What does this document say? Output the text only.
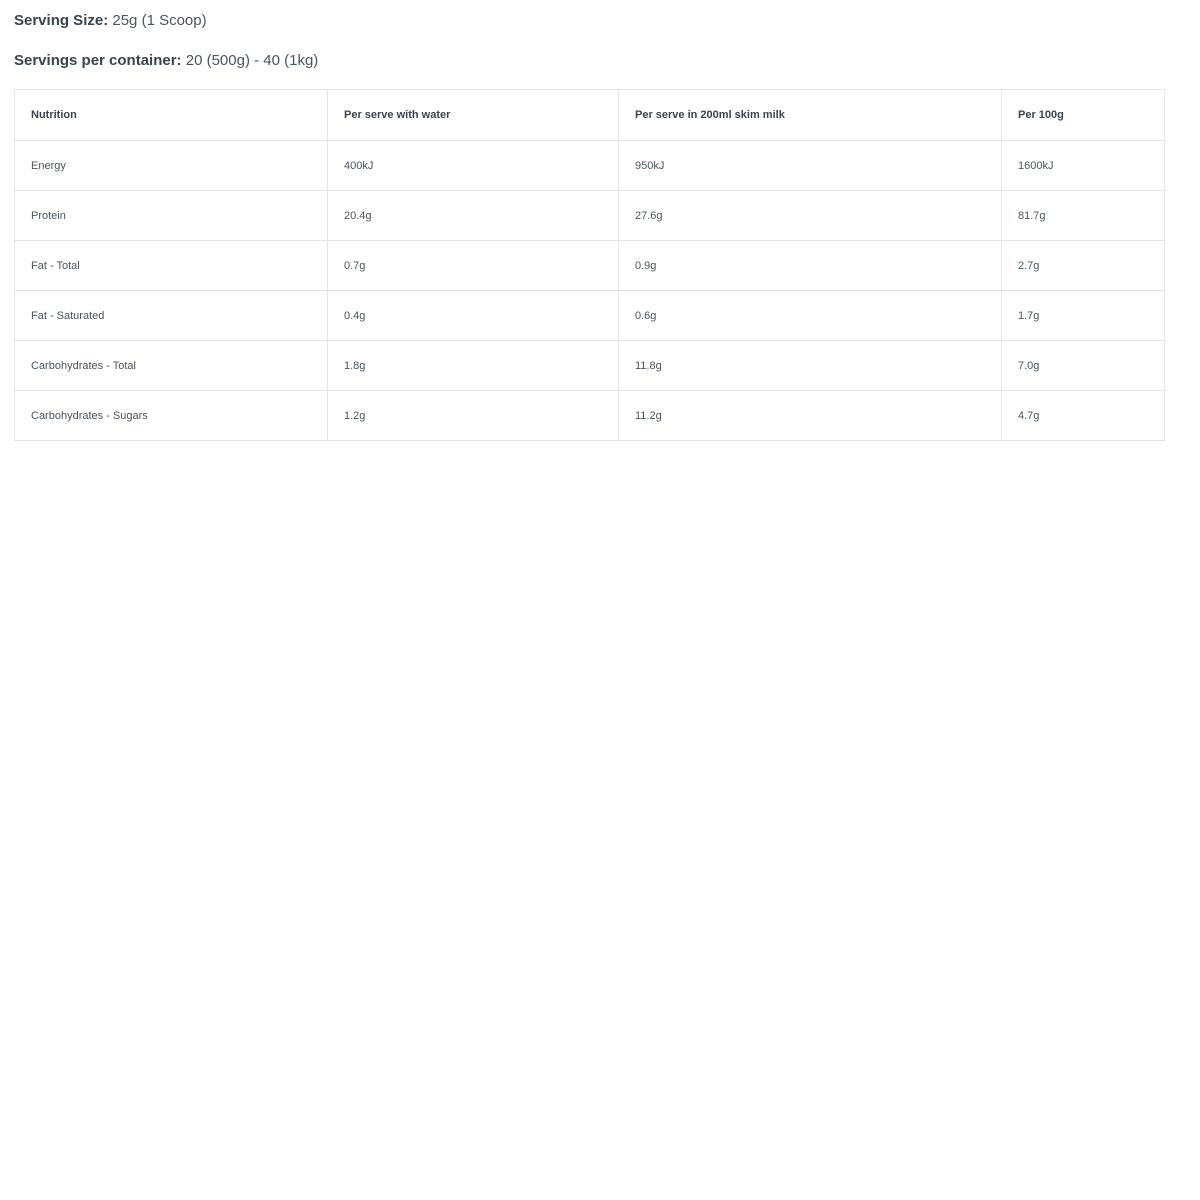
Serving Size: 25g (1 Scoop)

Servings per container: 20 (500g) - 40 (1kg)

Nutrition	Per serve with water	Per serve in 200ml skim milk	Per 100g
Energy	400kJ	950kJ	1600kJ
Protein	20.4g	27.6g	81.7g
Fat - Total	0.7g	0.9g	2.7g
Fat - Saturated	0.4g	0.6g	1.7g
Carbohydrates - Total	1.8g	11.8g	7.0g
Carbohydrates - Sugars	1.2g	11.2g	4.7g
